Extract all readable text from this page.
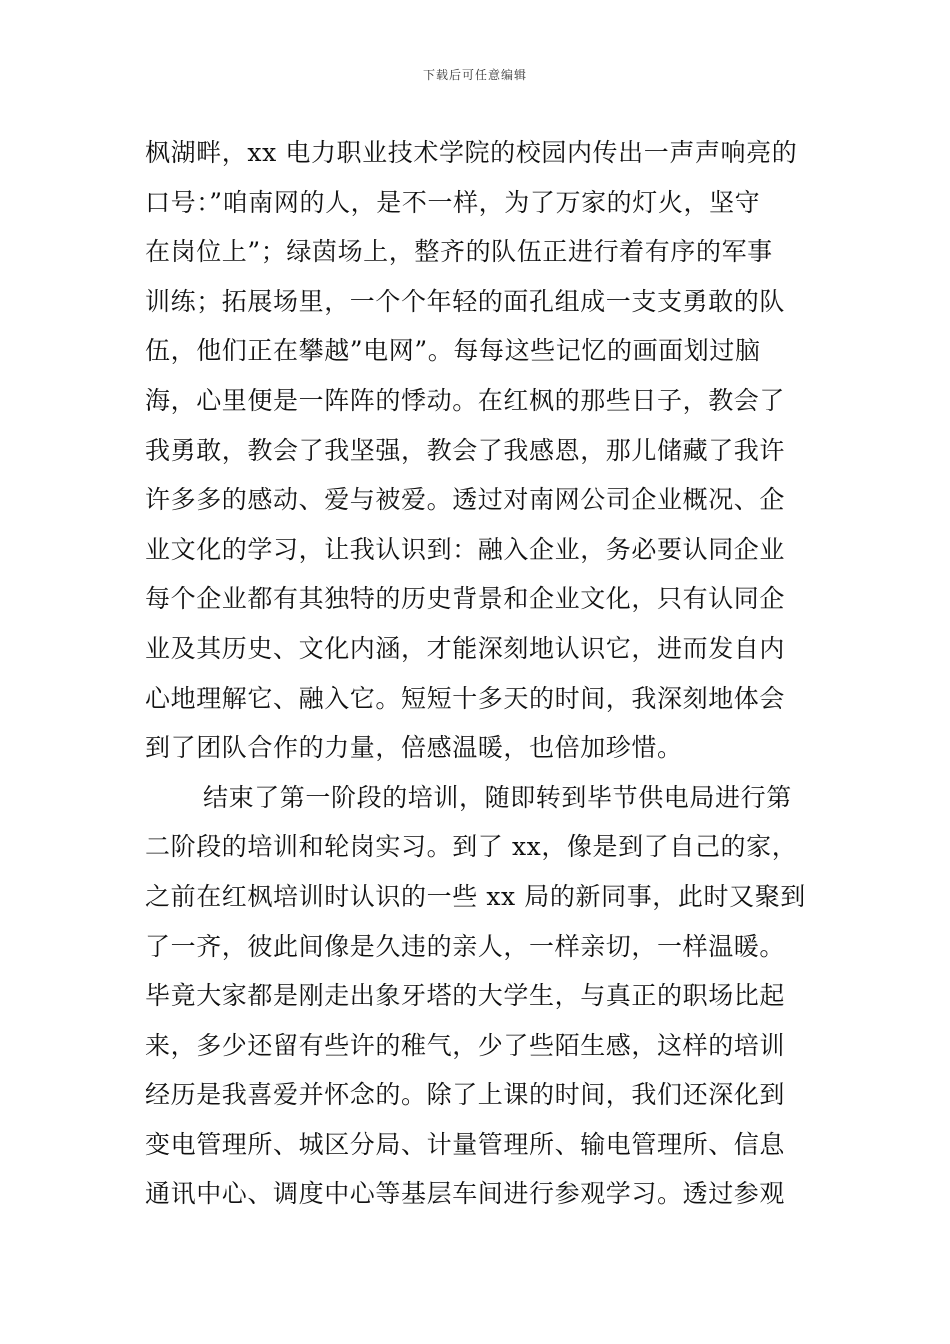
下载后可任意编辑
枫湖畔，xx 电力职业技术学院的校园内传出一声声响亮的
口号：”咱南网的人，是不一样，为了万家的灯火，坚守
在岗位上”；绿茵场上，整齐的队伍正进行着有序的军事
训练；拓展场里，一个个年轻的面孔组成一支支勇敢的队
伍，他们正在攀越”电网”。每每这些记忆的画面划过脑
海，心里便是一阵阵的悸动。在红枫的那些日子，教会了
我勇敢，教会了我坚强，教会了我感恩，那儿储藏了我许
许多多的感动、爱与被爱。透过对南网公司企业概况、企
业文化的学习，让我认识到：融入企业，务必要认同企业
每个企业都有其独特的历史背景和企业文化，只有认同企
业及其历史、文化内涵，才能深刻地认识它，进而发自内
心地理解它、融入它。短短十多天的时间，我深刻地体会
到了团队合作的力量，倍感温暖，也倍加珍惜。
结束了第一阶段的培训，随即转到毕节供电局进行第
二阶段的培训和轮岗实习。到了 xx，像是到了自己的家，
之前在红枫培训时认识的一些 xx 局的新同事，此时又聚到
了一齐，彼此间像是久违的亲人，一样亲切，一样温暖。
毕竟大家都是刚走出象牙塔的大学生，与真正的职场比起
来，多少还留有些许的稚气，少了些陌生感，这样的培训
经历是我喜爱并怀念的。除了上课的时间，我们还深化到
变电管理所、城区分局、计量管理所、输电管理所、信息
通讯中心、调度中心等基层车间进行参观学习。透过参观
